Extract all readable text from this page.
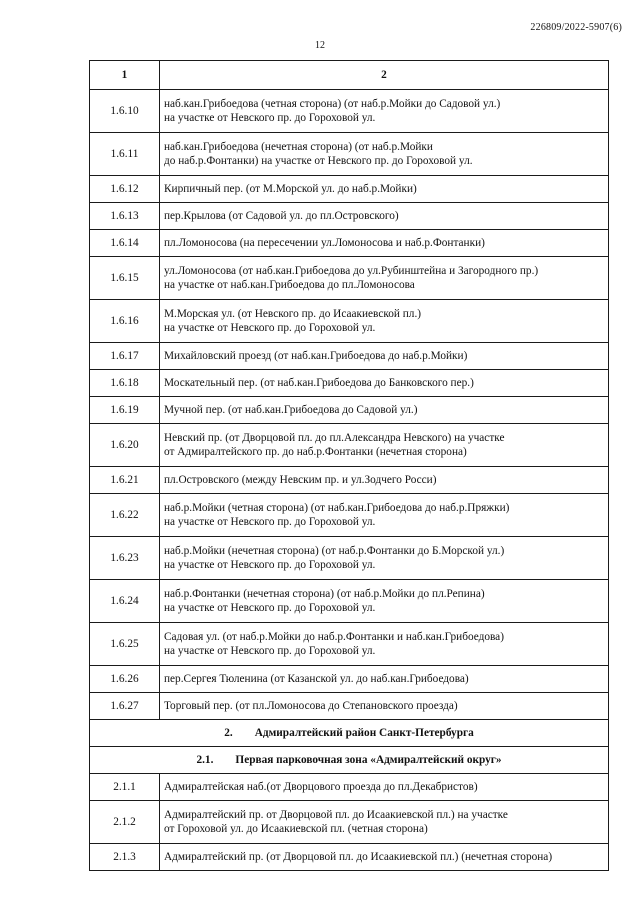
226809/2022-5907(6)
12
1	2
1.6.10	наб.кан.Грибоедова (четная сторона) (от наб.р.Мойки до Садовой ул.)
на участке от Невского пр. до Гороховой ул.

1.6.11	наб.кан.Грибоедова (нечетная сторона) (от наб.р.Мойки
до наб.р.Фонтанки) на участке от Невского пр. до Гороховой ул.

1.6.12	Кирпичный пер. (от М.Морской ул. до наб.р.Мойки)

1.6.13	пер.Крылова (от Садовой ул. до пл.Островского)

1.6.14	пл.Ломоносова (на пересечении ул.Ломоносова и наб.р.Фонтанки)

1.6.15	ул.Ломоносова (от наб.кан.Грибоедова до ул.Рубинштейна и Загородного пр.)
на участке от наб.кан.Грибоедова до пл.Ломоносова

1.6.16	М.Морская ул. (от Невского пр. до Исаакиевской пл.)
на участке от Невского пр. до Гороховой ул.

1.6.17	Михайловский проезд (от наб.кан.Грибоедова до наб.р.Мойки)

1.6.18	Москательный пер. (от наб.кан.Грибоедова до Банковского пер.)

1.6.19	Мучной пер. (от наб.кан.Грибоедова до Садовой ул.)

1.6.20	Невский пр. (от Дворцовой пл. до пл.Александра Невского) на участке
от Адмиралтейского пр. до наб.р.Фонтанки (нечетная сторона)

1.6.21	пл.Островского (между Невским пр. и ул.Зодчего Росси)

1.6.22	наб.р.Мойки (четная сторона) (от наб.кан.Грибоедова до наб.р.Пряжки)
на участке от Невского пр. до Гороховой ул.

1.6.23	наб.р.Мойки (нечетная сторона) (от наб.р.Фонтанки до Б.Морской ул.)
на участке от Невского пр. до Гороховой ул.

1.6.24	наб.р.Фонтанки (нечетная сторона) (от наб.р.Мойки до пл.Репина)
на участке от Невского пр. до Гороховой ул.

1.6.25	Садовая ул. (от наб.р.Мойки до наб.р.Фонтанки и наб.кан.Грибоедова)
на участке от Невского пр. до Гороховой ул.

1.6.26	пер.Сергея Тюленина (от Казанской ул. до наб.кан.Грибоедова)

1.6.27	Торговый пер. (от пл.Ломоносова до Степановского проезда)

2. Адмиралтейский район Санкт-Петербурга	
2.1. Первая парковочная зона «Адмиралтейский округ»	
2.1.1	Адмиралтейская наб.(от Дворцового проезда до пл.Декабристов)

2.1.2	Адмиралтейский пр. от Дворцовой пл. до Исаакиевской пл.) на участке
от Гороховой ул. до Исаакиевской пл. (четная сторона)

2.1.3	Адмиралтейский пр. (от Дворцовой пл. до Исаакиевской пл.) (нечетная сторона)
